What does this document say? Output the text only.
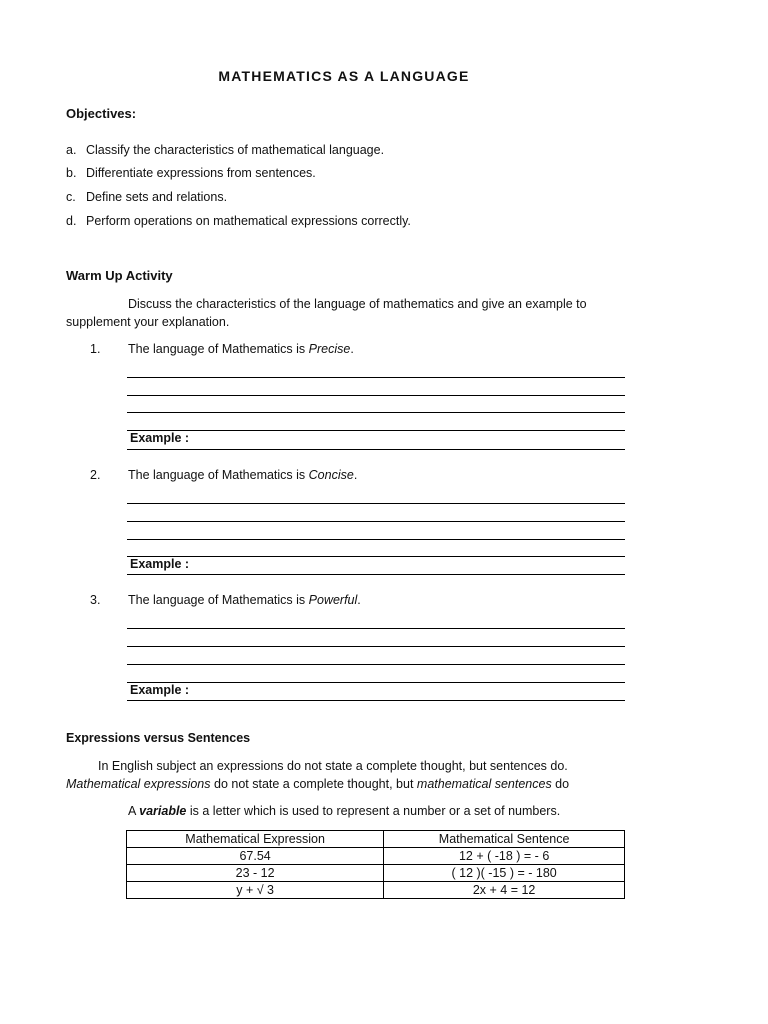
MATHEMATICS AS A LANGUAGE
Objectives:
a. Classify the characteristics of mathematical language.
b. Differentiate expressions from sentences.
c. Define sets and relations.
d. Perform operations on mathematical expressions correctly.
Warm Up Activity
Discuss the characteristics of the language of mathematics and give an example to
supplement your explanation.
1. The language of Mathematics is Precise.
Example :
2. The language of Mathematics is Concise.
Example :
3. The language of Mathematics is Powerful.
Example :
Expressions versus Sentences
In English subject an expressions do not state a complete thought, but sentences do.
Mathematical expressions do not state a complete thought, but mathematical sentences do
A variable is a letter which is used to represent a number or a set of numbers.
Mathematical Expression	Mathematical Sentence
67.54	12 + ( -18 ) = - 6
23 - 12	( 12 )( -15 ) = - 180
y + √ 3	2x + 4 = 12
